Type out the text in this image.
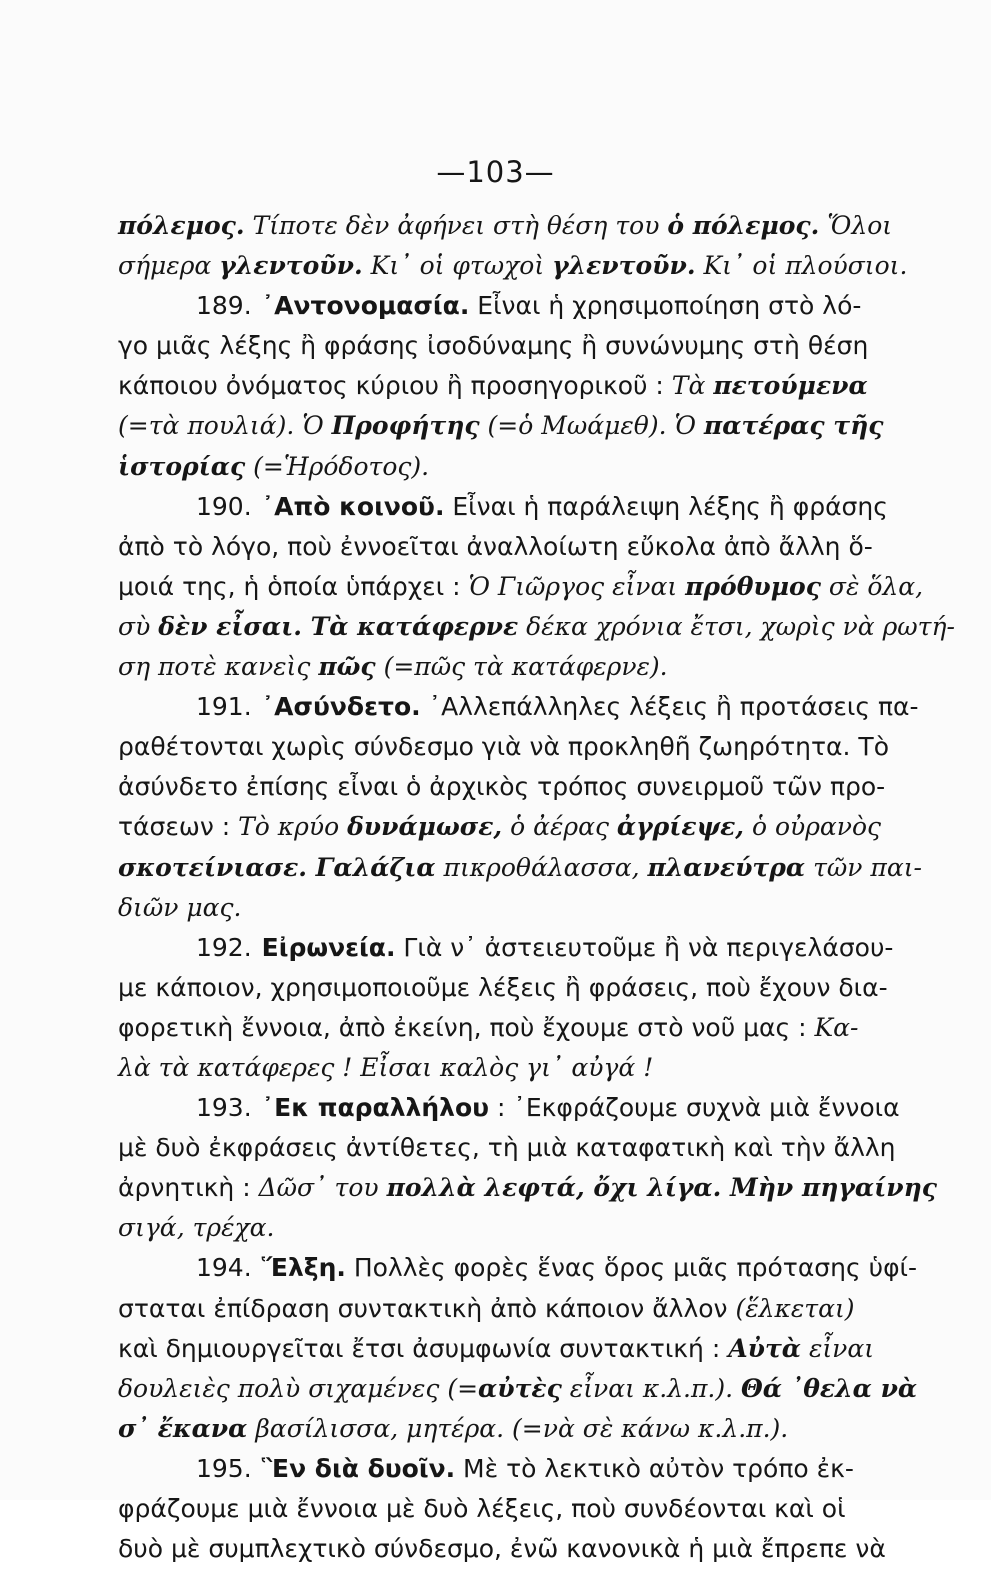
—103—
πόλεμος. Τίποτε δὲν ἀφήνει στὴ θέση του ὁ πόλεμος. Ὅλοι
σήμερα γλεντοῦν. Κι᾽ οἱ φτωχοὶ γλεντοῦν. Κι᾽ οἱ πλούσιοι.
189. ᾿Αντονομασία. Εἶναι ἡ χρησιμοποίηση στὸ λό-
γο μιᾶς λέξης ἢ φράσης ἰσοδύναμης ἢ συνώνυμης στὴ θέση
κάποιου ὀνόματος κύριου ἢ προσηγορικοῦ : Τὰ πετούμενα
(=τὰ πουλιά). Ὁ Προφήτης (=ὁ Μωάμεθ). Ὁ πατέρας τῆς
ἱστορίας (=Ἡρόδοτος).
190. ᾿Απὸ κοινοῦ. Εἶναι ἡ παράλειψη λέξης ἢ φράσης
ἀπὸ τὸ λόγο, ποὺ ἐννοεῖται ἀναλλοίωτη εὔκολα ἀπὸ ἄλλη ὅ-
μοιά της, ἡ ὁποία ὑπάρχει : Ὁ Γιῶργος εἶναι πρόθυμος σὲ ὅλα,
σὺ δὲν εἶσαι. Τὰ κατάφερνε δέκα χρόνια ἔτσι, χωρὶς νὰ ρωτή-
ση ποτὲ κανεὶς πῶς (=πῶς τὰ κατάφερνε).
191. ᾿Ασύνδετο. ᾿Αλλεπάλληλες λέξεις ἢ προτάσεις πα-
ραθέτονται χωρὶς σύνδεσμο γιὰ νὰ προκληθῆ ζωηρότητα. Τὸ
ἀσύνδετο ἐπίσης εἶναι ὁ ἀρχικὸς τρόπος συνειρμοῦ τῶν προ-
τάσεων : Τὸ κρύο δυνάμωσε, ὁ ἀέρας ἀγρίεψε, ὁ οὐρανὸς
σκοτείνιασε. Γαλάζια πικροθάλασσα, πλανεύτρα τῶν παι-
διῶν μας.
192. Εἰρωνεία. Γιὰ ν᾽ ἀστειευτοῦμε ἢ νὰ περιγελάσου-
με κάποιον, χρησιμοποιοῦμε λέξεις ἢ φράσεις, ποὺ ἔχουν δια-
φορετικὴ ἔννοια, ἀπὸ ἐκείνη, ποὺ ἔχουμε στὸ νοῦ μας : Κα-
λὰ τὰ κατάφερες ! Εἶσαι καλὸς γι᾽ αὐγά !
193. ᾿Εκ παραλλήλου : ᾿Εκφράζουμε συχνὰ μιὰ ἔννοια
μὲ δυὸ ἐκφράσεις ἀντίθετες, τὴ μιὰ καταφατικὴ καὶ τὴν ἄλλη
ἀρνητικὴ : Δῶσ᾽ του πολλὰ λεφτά, ὄχι λίγα. Μὴν πηγαίνης
σιγά, τρέχα.
194. Ἕλξη. Πολλὲς φορὲς ἕνας ὅρος μιᾶς πρότασης ὑφί-
σταται ἐπίδραση συντακτικὴ ἀπὸ κάποιον ἄλλον (ἕλκεται)
καὶ δημιουργεῖται ἔτσι ἀσυμφωνία συντακτική : Αὐτὰ εἶναι
δουλειὲς πολὺ σιχαμένες (=αὐτὲς εἶναι κ.λ.π.). Θά ᾽θελα νὰ
σ᾽ ἔκανα βασίλισσα, μητέρα. (=νὰ σὲ κάνω κ.λ.π.).
195. Ἓν διὰ δυοῖν. Μὲ τὸ λεκτικὸ αὐτὸν τρόπο ἐκ-
φράζουμε μιὰ ἔννοια μὲ δυὸ λέξεις, ποὺ συνδέονται καὶ οἱ
δυὸ μὲ συμπλεχτικὸ σύνδεσμο, ἐνῶ κανονικὰ ἡ μιὰ ἔπρεπε νὰ
